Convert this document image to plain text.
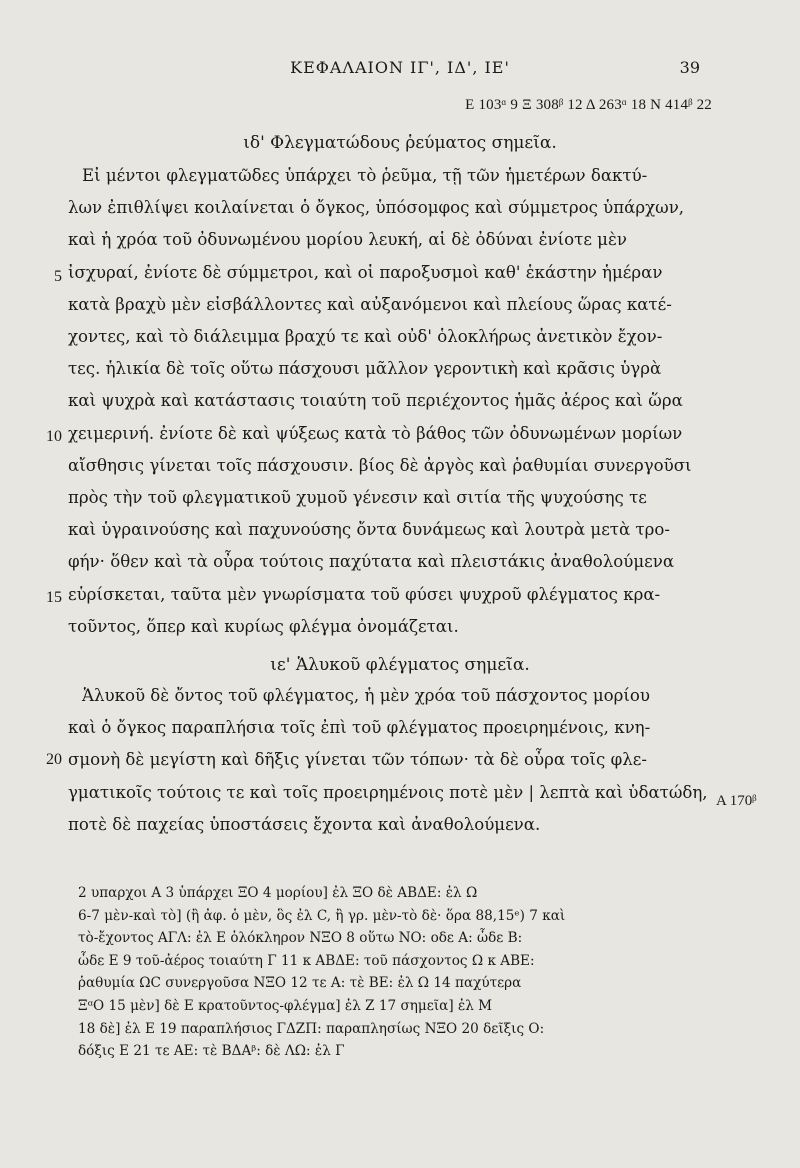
ΚΕΦΑΛΑΙΟΝ ΙΓ', ΙΔ', ΙΕ'	39
Ε 103ᵅ 9 Ξ 308ᵝ 12 Δ 263ᵅ 18 Ν 414ᵝ 22
ιδ' Φλεγματώδους ῥεύματος σημεῖα.
Εἰ μέντοι φλεγματῶδες ὑπάρχει τὸ ῥεῦμα, τῇ τῶν ἡμετέρων δακτύ-
λων ἐπιθλίψει κοιλαίνεται ὁ ὄγκος, ὑπόσομφος καὶ σύμμετρος ὑπάρχων,
καὶ ἡ χρόα τοῦ ὀδυνωμένου μορίου λευκή, αἱ δὲ ὀδύναι ἐνίοτε μὲν
ἰσχυραί, ἐνίοτε δὲ σύμμετροι, καὶ οἱ παροξυσμοὶ καθ' ἑκάστην ἡμέραν
κατὰ βραχὺ μὲν εἰσβάλλοντες καὶ αὐξανόμενοι καὶ πλείους ὥρας κατέ-
χοντες, καὶ τὸ διάλειμμα βραχύ τε καὶ οὐδ' ὁλοκλήρως ἀνετικὸν ἔχον-
τες. ἡλικία δὲ τοῖς οὕτω πάσχουσι μᾶλλον γεροντικὴ καὶ κρᾶσις ὑγρὰ
καὶ ψυχρὰ καὶ κατάστασις τοιαύτη τοῦ περιέχοντος ἡμᾶς ἀέρος καὶ ὥρα
χειμερινή. ἐνίοτε δὲ καὶ ψύξεως κατὰ τὸ βάθος τῶν ὀδυνωμένων μορίων
αἴσθησις γίνεται τοῖς πάσχουσιν. βίος δὲ ἀργὸς καὶ ῥαθυμίαι συνεργοῦσι
πρὸς τὴν τοῦ φλεγματικοῦ χυμοῦ γένεσιν καὶ σιτία τῆς ψυχούσης τε
καὶ ὑγραινούσης καὶ παχυνούσης ὄντα δυνάμεως καὶ λουτρὰ μετὰ τρο-
φήν· ὅθεν καὶ τὰ οὖρα τούτοις παχύτατα καὶ πλειστάκις ἀναθολούμενα
εὑρίσκεται, ταῦτα μὲν γνωρίσματα τοῦ φύσει ψυχροῦ φλέγματος κρα-
τοῦντος, ὅπερ καὶ κυρίως φλέγμα ὀνομάζεται.
ιε' Ἁλυκοῦ φλέγματος σημεῖα.
Ἁλυκοῦ δὲ ὄντος τοῦ φλέγματος, ἡ μὲν χρόα τοῦ πάσχοντος μορίου
καὶ ὁ ὄγκος παραπλήσια τοῖς ἐπὶ τοῦ φλέγματος προειρημένοις, κνη-
σμονὴ δὲ μεγίστη καὶ δῆξις γίνεται τῶν τόπων· τὰ δὲ οὖρα τοῖς φλε-
γματικοῖς τούτοις τε καὶ τοῖς προειρημένοις ποτὲ μὲν | λεπτὰ καὶ ὑδατώδη,
ποτὲ δὲ παχείας ὑποστάσεις ἔχοντα καὶ ἀναθολούμενα.
5
10
15
20
Α 170ᵝ
2 υπαρχοι Α 3 ὑπάρχει ΞΟ 4 μορίου] ἐλ ΞΟ δὲ ΑΒΔΕ: ἐλ Ω
6-7 μὲν-καὶ τὸ] (ἢ ἀφ. ὁ μὲν, ὃς ἐλ C, ἢ γρ. μὲν-τὸ δὲ· ὅρα 88,15ᵉ) 7 καὶ
τὸ-ἔχοντος ΑΓΛ: ἐλ Ε ὁλόκληρον ΝΞΟ 8 οὕτω ΝΟ: οδε Α: ὧδε Β:
ὧδε Ε 9 τοῦ-ἀέρος τοιαύτη Γ 11 κ ΑΒΔΕ: τοῦ πάσχοντος Ω κ ΑΒΕ:
ῥαθυμία ΩC συνεργοῦσα ΝΞΟ 12 τε Α: τὲ ΒΕ: ἐλ Ω 14 παχύτερα
ΞᵅΟ 15 μὲν] δὲ Ε κρατοῦντος-φλέγμα] ἐλ Ζ 17 σημεῖα] ἐλ Μ
18 δὲ] ἐλ Ε 19 παραπλήσιος ΓΔΖΠ: παραπλησίως ΝΞΟ 20 δεῖξις Ο:
δόξις Ε 21 τε ΑΕ: τὲ ΒΔΑᵝ: δὲ ΛΩ: ἐλ Γ
